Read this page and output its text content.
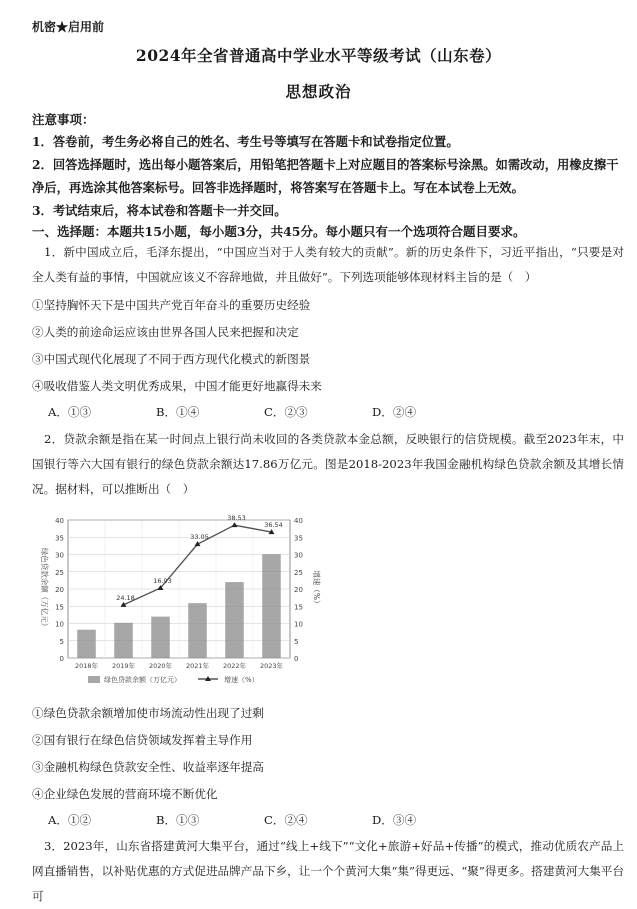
机密★启用前
2024年全省普通高中学业水平等级考试（山东卷）
思想政治
注意事项：
1．答卷前，考生务必将自己的姓名、考生号等填写在答题卡和试卷指定位置。
2．回答选择题时，选出每小题答案后，用铅笔把答题卡上对应题目的答案标号涂黑。如需改动，用橡皮擦干净后，再选涂其他答案标号。回答非选择题时，将答案写在答题卡上。写在本试卷上无效。
3．考试结束后，将本试卷和答题卡一并交回。
一、选择题：本题共15小题，每小题3分，共45分。每小题只有一个选项符合题目要求。
1．新中国成立后，毛泽东提出，“中国应当对于人类有较大的贡献”。新的历史条件下，习近平指出，“只要是对全人类有益的事情，中国就应该义不容辞地做，并且做好”。下列选项能够体现材料主旨的是（　）
①坚持胸怀天下是中国共产党百年奋斗的重要历史经验
②人类的前途命运应该由世界各国人民来把握和决定
③中国式现代化展现了不同于西方现代化模式的新图景
④吸收借鉴人类文明优秀成果，中国才能更好地赢得未来
A．①③	B．①④	C．②③	D．②④
2．贷款余额是指在某一时间点上银行尚未收回的各类贷款本金总额，反映银行的信贷规模。截至2023年末，中国银行等六大国有银行的绿色贷款余额达17.86万亿元。图是2018-2023年我国金融机构绿色贷款余额及其增长情况。据材料，可以推断出（　）
0
5
10
15
20
25
30
35
40
0
5
10
15
20
25
30
35
40
绿色贷款余额（万亿元）	增速（%）
2018年 2019年 2020年 2021年 2022年 2023年
24.18
16.93
33.05
38.53
36.54
绿色贷款余额（万亿元）	增速（%）
①绿色贷款余额增加使市场流动性出现了过剩
②国有银行在绿色信贷领域发挥着主导作用
③金融机构绿色贷款安全性、收益率逐年提高
④企业绿色发展的营商环境不断优化
A．①②	B．①③	C．②④	D．③④
3．2023年，山东省搭建黄河大集平台，通过“线上+线下”“文化+旅游+好品+传播”的模式，推动优质农产品上网直播销售，以补贴优惠的方式促进品牌产品下乡，让一个个黄河大集“集”得更远、“聚”得更多。搭建黄河大集平台可
